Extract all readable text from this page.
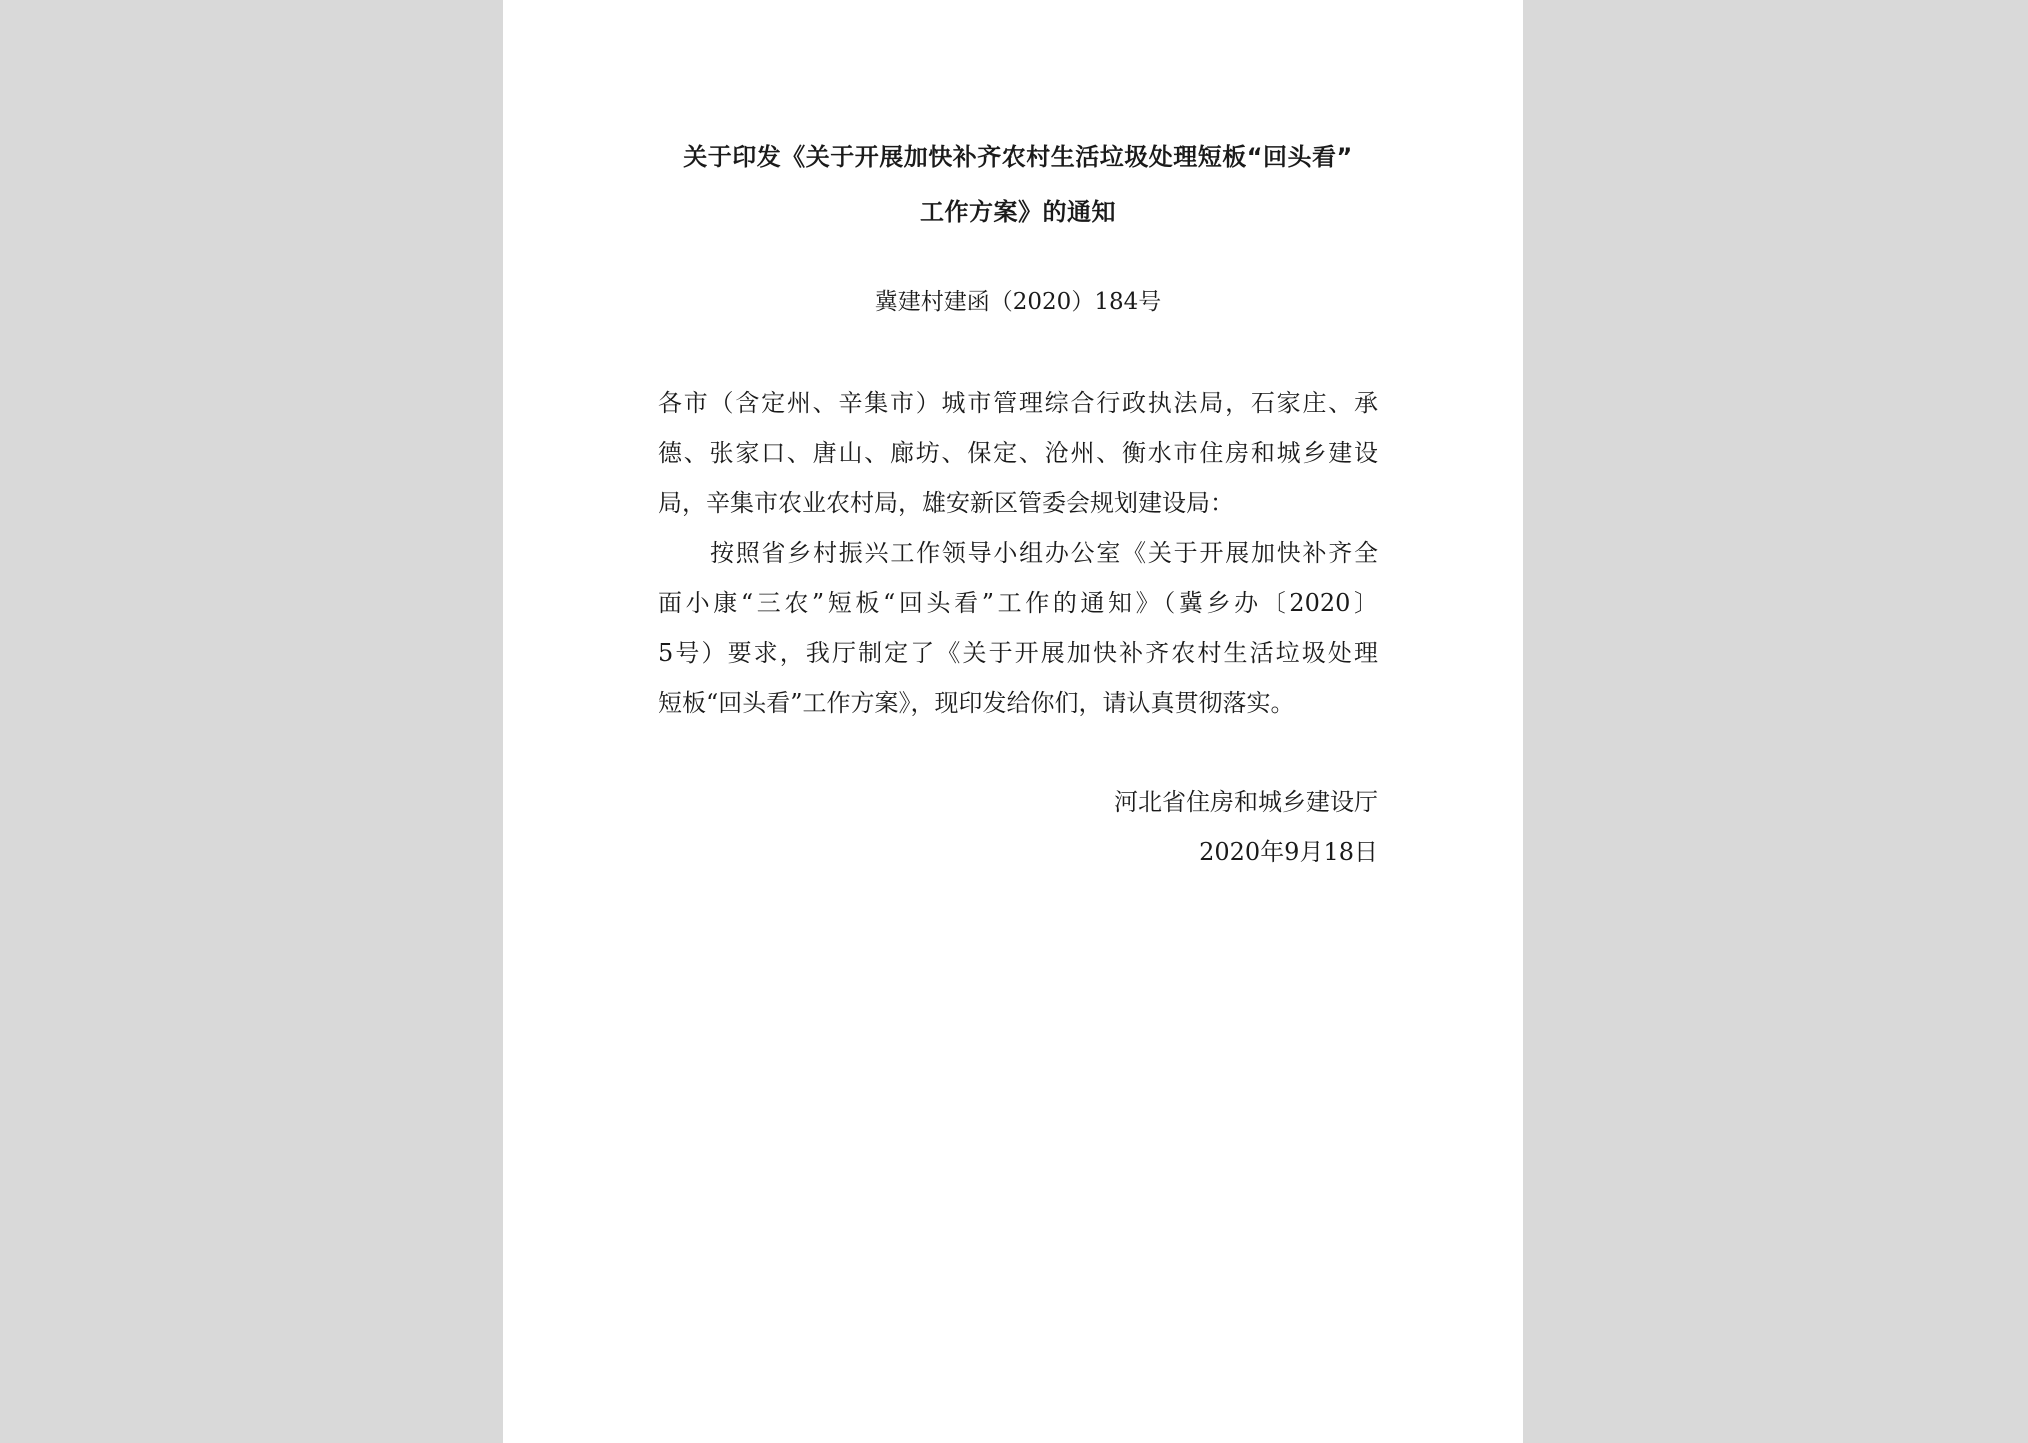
关于印发《关于开展加快补齐农村生活垃圾处理短板“回头看”
工作方案》的通知
冀建村建函（2020）184号
各市（含定州、辛集市）城市管理综合行政执法局，石家庄、承
德、张家口、唐山、廊坊、保定、沧州、衡水市住房和城乡建设
局，辛集市农业农村局，雄安新区管委会规划建设局：
按照省乡村振兴工作领导小组办公室《关于开展加快补齐全
面小康“三农”短板“回头看”工作的通知》（冀乡办〔2020〕
5号）要求，我厅制定了《关于开展加快补齐农村生活垃圾处理
短板“回头看”工作方案》，现印发给你们，请认真贯彻落实。
河北省住房和城乡建设厅
2020年9月18日
